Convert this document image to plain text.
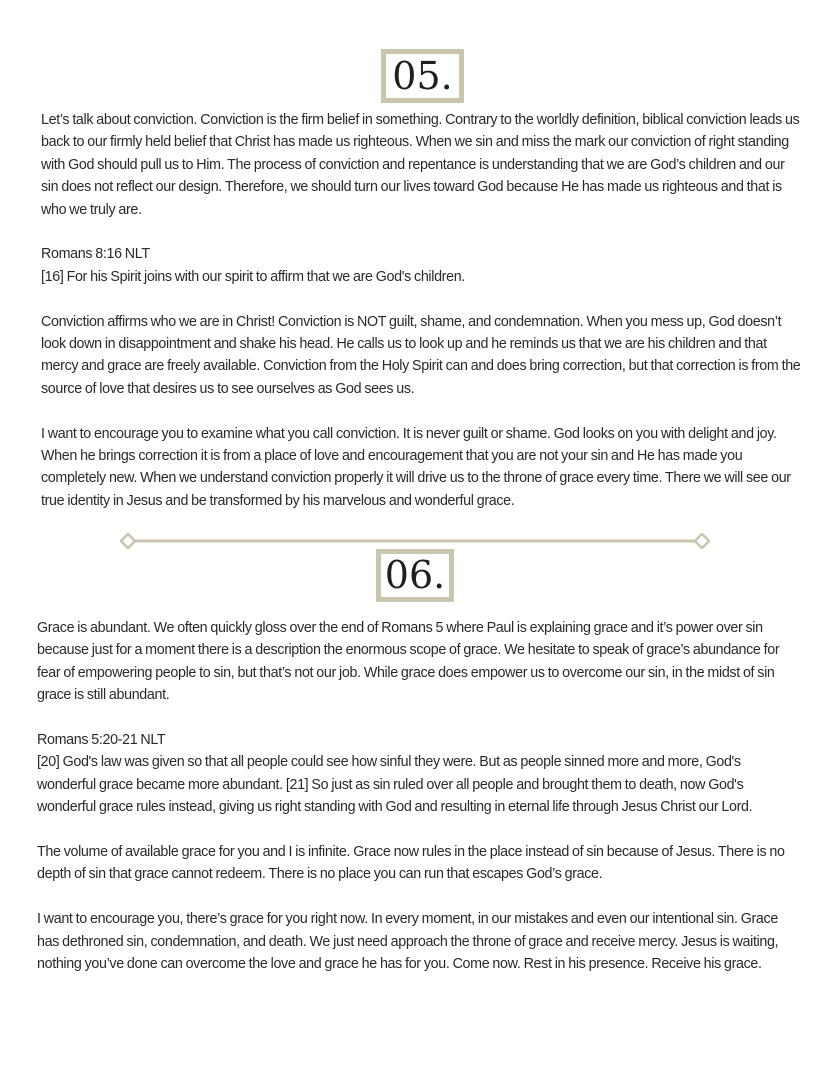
05.

Let’s talk about conviction. Conviction is the firm belief in something. Contrary to the worldly definition, biblical conviction leads us back to our firmly held belief that Christ has made us righteous. When we sin and miss the mark our conviction of right standing with God should pull us to Him. The process of conviction and repentance is understanding that we are God’s children and our sin does not reflect our design. Therefore, we should turn our lives toward God because He has made us righteous and that is who we truly are.

Romans 8:16 NLT
[16] For his Spirit joins with our spirit to affirm that we are God's children.

Conviction affirms who we are in Christ! Conviction is NOT guilt, shame, and condemnation. When you mess up, God doesn’t look down in disappointment and shake his head. He calls us to look up and he reminds us that we are his children and that mercy and grace are freely available. Conviction from the Holy Spirit can and does bring correction, but that correction is from the source of love that desires us to see ourselves as God sees us.

I want to encourage you to examine what you call conviction. It is never guilt or shame. God looks on you with delight and joy. When he brings correction it is from a place of love and encouragement that you are not your sin and He has made you completely new. When we understand conviction properly it will drive us to the throne of grace every time. There we will see our true identity in Jesus and be transformed by his marvelous and wonderful grace.

06.

Grace is abundant. We often quickly gloss over the end of Romans 5 where Paul is explaining grace and it’s power over sin because just for a moment there is a description the enormous scope of grace. We hesitate to speak of grace’s abundance for fear of empowering people to sin, but that’s not our job. While grace does empower us to overcome our sin, in the midst of sin grace is still abundant.

Romans 5:20-21 NLT
[20] God's law was given so that all people could see how sinful they were. But as people sinned more and more, God's wonderful grace became more abundant. [21] So just as sin ruled over all people and brought them to death, now God's wonderful grace rules instead, giving us right standing with God and resulting in eternal life through Jesus Christ our Lord.

The volume of available grace for you and I is infinite. Grace now rules in the place instead of sin because of Jesus. There is no depth of sin that grace cannot redeem. There is no place you can run that escapes God’s grace.

I want to encourage you, there’s grace for you right now. In every moment, in our mistakes and even our intentional sin. Grace has dethroned sin, condemnation, and death. We just need approach the throne of grace and receive mercy. Jesus is waiting, nothing you’ve done can overcome the love and grace he has for you. Come now. Rest in his presence. Receive his grace.
